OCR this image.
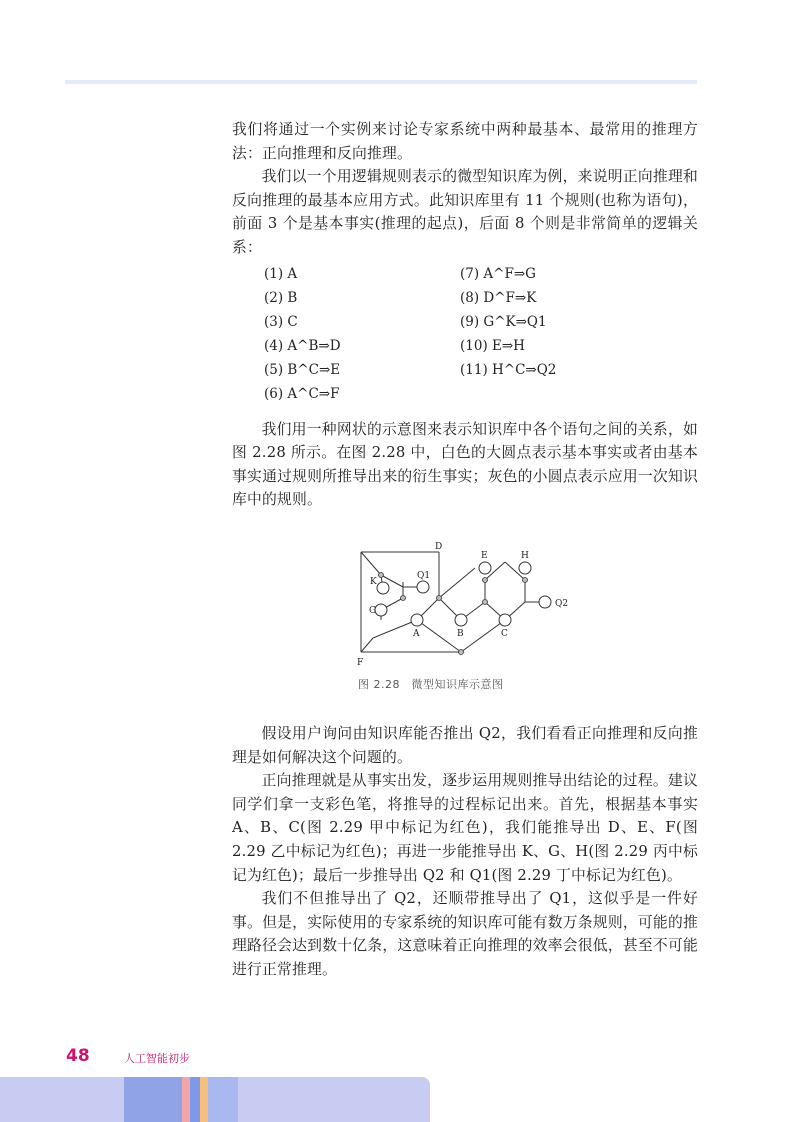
我们将通过一个实例来讨论专家系统中两种最基本、最常用的推理方法：正向推理和反向推理。

我们以一个用逻辑规则表示的微型知识库为例，来说明正向推理和反向推理的最基本应用方式。此知识库里有 11 个规则(也称为语句)，前面 3 个是基本事实(推理的起点)，后面 8 个则是非常简单的逻辑关系：

(1) A
(2) B
(3) C
(4) A^B⇒D
(5) B^C⇒E
(6) A^C⇒F
(7) A^F⇒G
(8) D^F⇒K
(9) G^K⇒Q1
(10) E⇒H
(11) H^C⇒Q2

我们用一种网状的示意图来表示知识库中各个语句之间的关系，如图 2.28 所示。在图 2.28 中，白色的大圆点表示基本事实或者由基本事实通过规则所推导出来的衍生事实；灰色的小圆点表示应用一次知识库中的规则。

D
K
Q1
G
E	H
Q2
A	B	C
F
图 2.28　微型知识库示意图

假设用户询问由知识库能否推出 Q2，我们看看正向推理和反向推理是如何解决这个问题的。

正向推理就是从事实出发，逐步运用规则推导出结论的过程。建议同学们拿一支彩色笔，将推导的过程标记出来。首先，根据基本事实 A、B、C(图 2.29 甲中标记为红色)，我们能推导出 D、E、F(图 2.29 乙中标记为红色)；再进一步能推导出 K、G、H(图 2.29 丙中标记为红色)；最后一步推导出 Q2 和 Q1(图 2.29 丁中标记为红色)。

我们不但推导出了 Q2，还顺带推导出了 Q1，这似乎是一件好事。但是，实际使用的专家系统的知识库可能有数万条规则，可能的推理路径会达到数十亿条，这意味着正向推理的效率会很低，甚至不可能进行正常推理。

48	人工智能初步
